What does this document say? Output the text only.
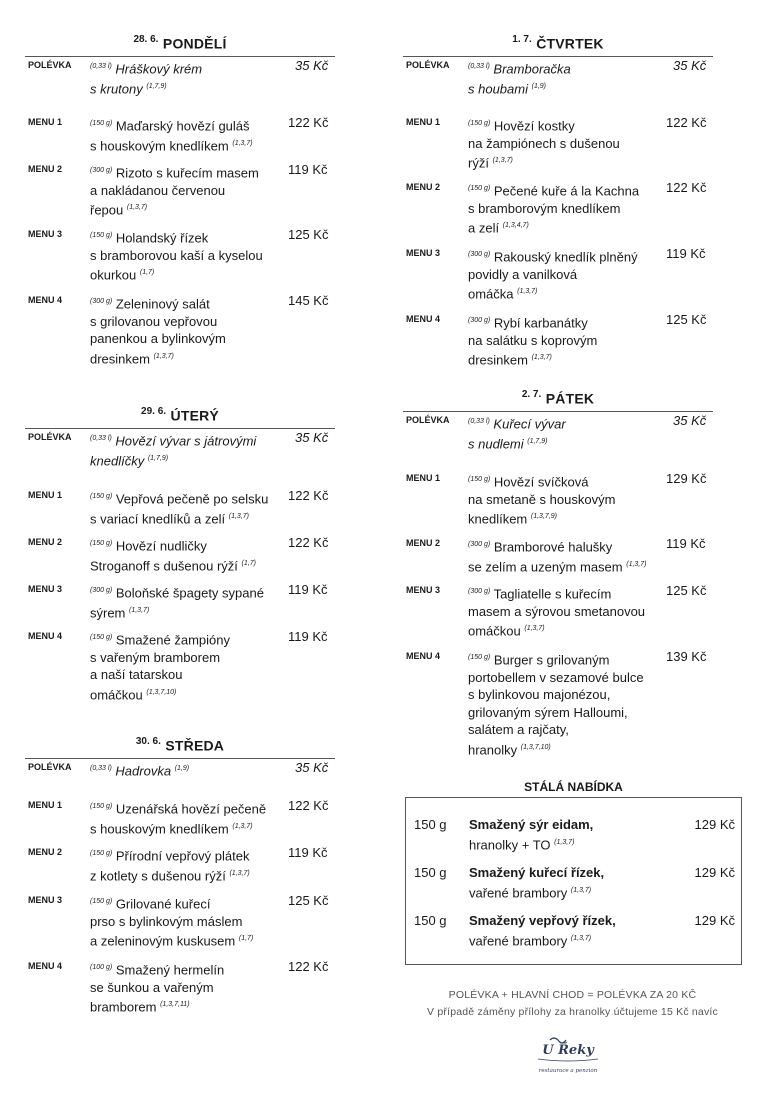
$^{28. 6.}$ PONDĚLÍ
POLÉVKA	$^{(0,33 l)}$ Hráškový krém
s krutony $^{(1,7,9)}$
35 Kč
MENU 1	$^{(150 g)}$ Maďarský hovězí guláš
s houskovým knedlíkem $^{(1,3,7)}$
122 Kč
MENU 2	$^{(300 g)}$ Rizoto s kuřecím masem
a nakládanou červenou
řepou $^{(1,3,7)}$
119 Kč
MENU 3	$^{(150 g)}$ Holandský řízek
s bramborovou kaší a kyselou
okurkou $^{(1,7)}$
125 Kč
MENU 4	$^{(300 g)}$ Zeleninový salát
s grilovanou vepřovou
panenkou a bylinkovým
dresinkem $^{(1,3,7)}$
145 Kč
$^{29. 6.}$ ÚTERÝ
POLÉVKA	$^{(0,33 l)}$ Hovězí vývar s játrovými
knedlíčky $^{(1,7,9)}$
35 Kč
MENU 1	$^{(150 g)}$ Vepřová pečeně po selsku
s variací knedlíků a zelí $^{(1,3,7)}$
122 Kč
MENU 2	$^{(150 g)}$ Hovězí nudličky
Stroganoff s dušenou rýží $^{(1,7)}$
122 Kč
MENU 3	$^{(300 g)}$ Boloňské špagety sypané
sýrem $^{(1,3,7)}$
119 Kč
MENU 4	$^{(150 g)}$ Smažené žampióny
s vařeným bramborem
a naší tatarskou
omáčkou $^{(1,3,7,10)}$
119 Kč
$^{30. 6.}$ STŘEDA
POLÉVKA	$^{(0,33 l)}$ Hadrovka $^{(1,9)}$	35 Kč
MENU 1	$^{(150 g)}$ Uzenářská hovězí pečeně
s houskovým knedlíkem $^{(1,3,7)}$
122 Kč
MENU 2	$^{(150 g)}$ Přírodní vepřový plátek
z kotlety s dušenou rýží $^{(1,3,7)}$
119 Kč
MENU 3	$^{(150 g)}$ Grilované kuřecí
prso s bylinkovým máslem
a zeleninovým kuskusem $^{(1,7)}$
125 Kč
MENU 4	$^{(100 g)}$ Smažený hermelín
se šunkou a vařeným
bramborem $^{(1,3,7,11)}$
122 Kč
$^{1. 7.}$ ČTVRTEK
POLÉVKA	$^{(0,33 l)}$ Bramboračka
s houbami $^{(1,9)}$
35 Kč
MENU 1	$^{(150 g)}$ Hovězí kostky
na žampiónech s dušenou
rýží $^{(1,3,7)}$
122 Kč
MENU 2	$^{(150 g)}$ Pečené kuře á la Kachna
s bramborovým knedlíkem
a zelí $^{(1,3,4,7)}$
122 Kč
MENU 3	$^{(300 g)}$ Rakouský knedlík plněný
povidly a vanilková
omáčka $^{(1,3,7)}$
119 Kč
MENU 4	$^{(300 g)}$ Rybí karbanátky
na salátku s koprovým
dresinkem $^{(1,3,7)}$
125 Kč
$^{2. 7.}$ PÁTEK
POLÉVKA	$^{(0,33 l)}$ Kuřecí vývar
s nudlemi $^{(1,7,9)}$
35 Kč
MENU 1	$^{(150 g)}$ Hovězí svíčková
na smetaně s houskovým
knedlíkem $^{(1,3,7,9)}$
129 Kč
MENU 2	$^{(300 g)}$ Bramborové halušky
se zelím a uzeným masem $^{(1,3,7)}$
119 Kč
MENU 3	$^{(300 g)}$ Tagliatelle s kuřecím
masem a sýrovou smetanovou
omáčkou $^{(1,3,7)}$
125 Kč
MENU 4	$^{(150 g)}$ Burger s grilovaným
portobellem v sezamové bulce
s bylinkovou majonézou,
grilovaným sýrem Halloumi,
salátem a rajčaty,
hranolky $^{(1,3,7,10)}$
139 Kč
STÁLÁ NABÍDKA
150 g Smažený sýr eidam,
hranolky + TO $^{(1,3,7)}$
129 Kč
150 g Smažený kuřecí řízek,
vařené brambory $^{(1,3,7)}$
129 Kč
150 g Smažený vepřový řízek,
vařené brambory $^{(1,3,7)}$
129 Kč
POLÉVKA + HLAVNÍ CHOD = POLÉVKA ZA 20 KČ
V případě záměny přílohy za hranolky účtujeme 15 Kč navíc
U Řeky
restaurace a penzion
